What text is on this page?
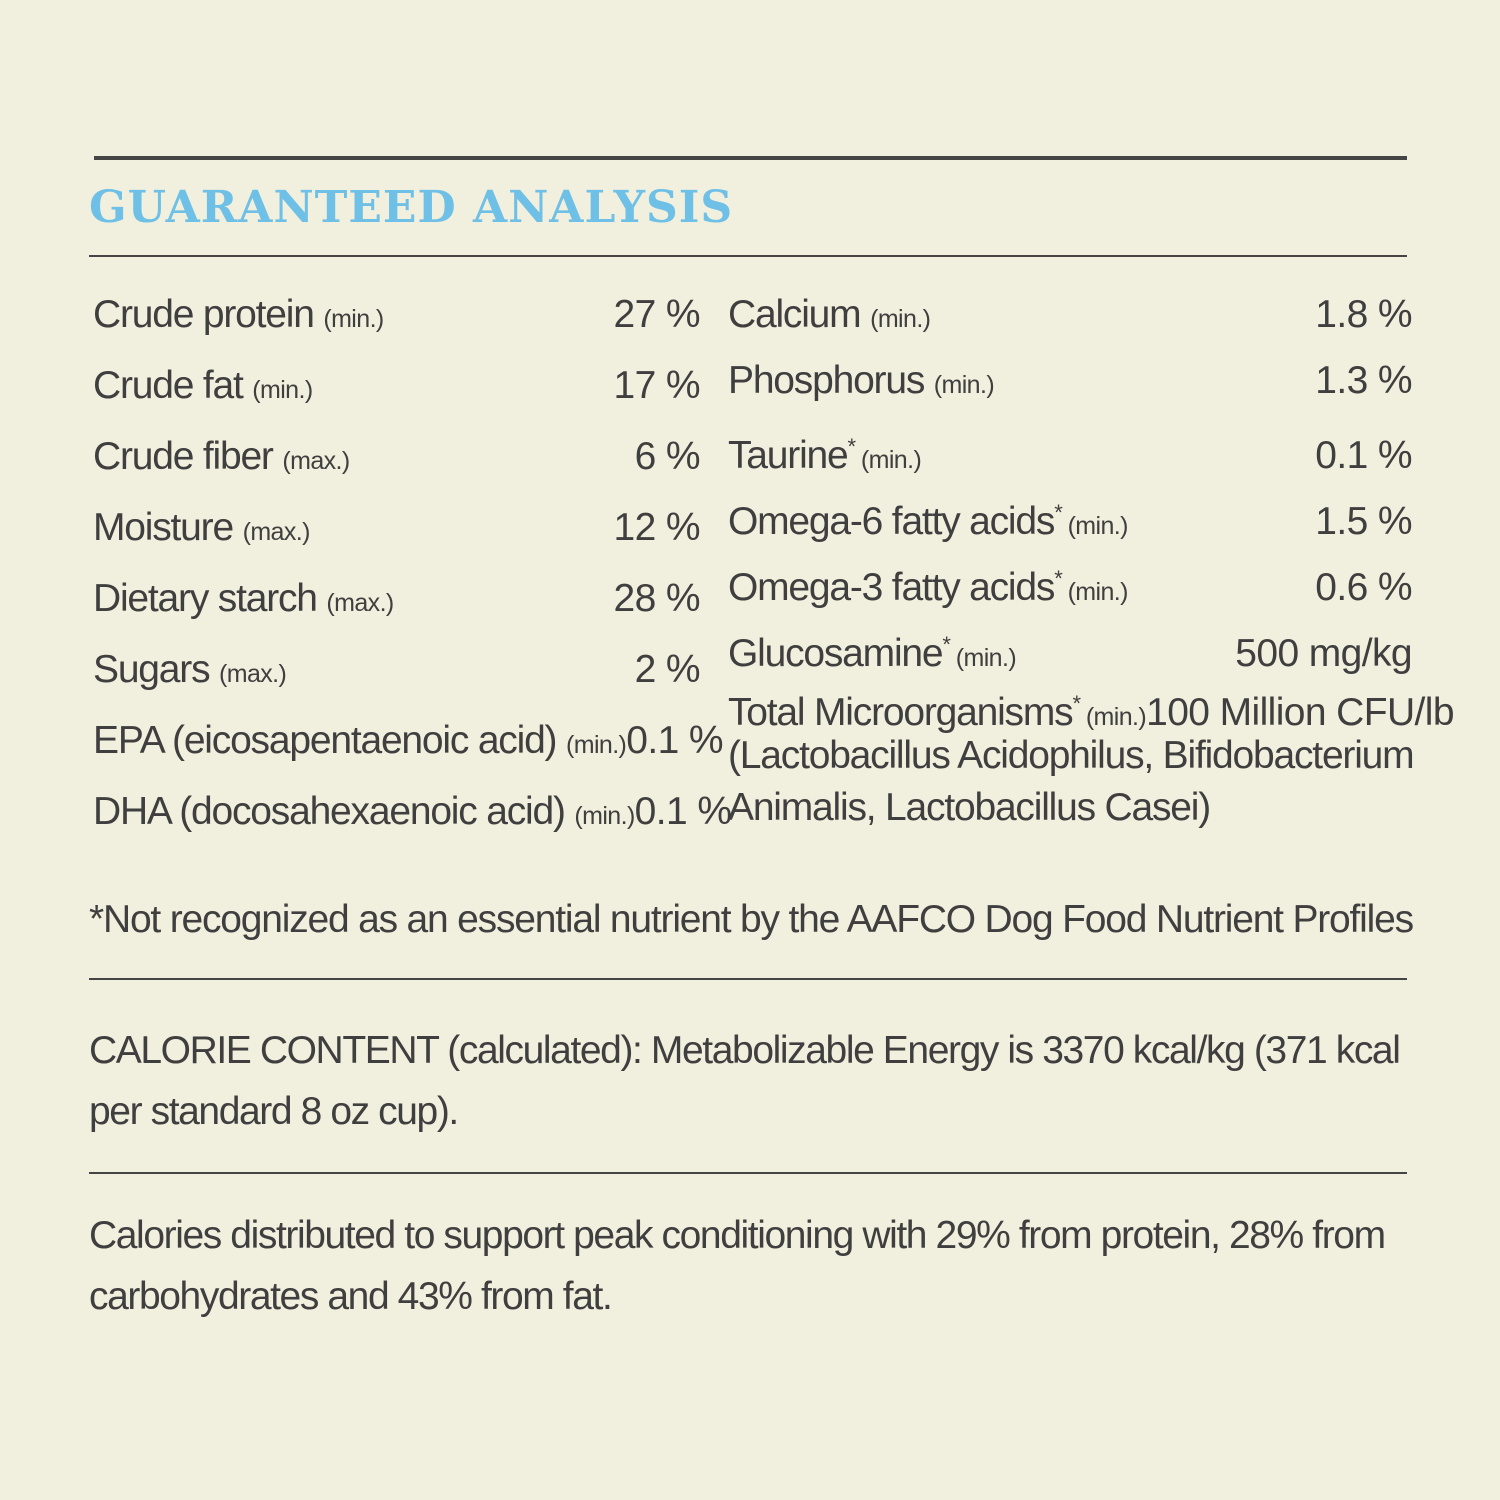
GUARANTEED ANALYSIS
Crude protein (min.)	27 %
Crude fat (min.)	17 %
Crude fiber (max.)	6 %
Moisture (max.)	12 %
Dietary starch (max.)	28 %
Sugars (max.)	2 %
EPA (eicosapentaenoic acid) (min.) 0.1 %
DHA (docosahexaenoic acid) (min.) 0.1 %
Calcium (min.)	1.8 %
Phosphorus (min.)	1.3 %
Taurine* (min.)	0.1 %
Omega-6 fatty acids* (min.)	1.5 %
Omega-3 fatty acids* (min.)	0.6 %
Glucosamine* (min.)	500 mg/kg
Total Microorganisms* (min.) 100 Million CFU/lb
(Lactobacillus Acidophilus, Bifidobacterium
Animalis, Lactobacillus Casei)
*Not recognized as an essential nutrient by the AAFCO Dog Food Nutrient Profiles
CALORIE CONTENT (calculated): Metabolizable Energy is 3370 kcal/kg (371 kcal per standard 8 oz cup).
Calories distributed to support peak conditioning with 29% from protein, 28% from carbohydrates and 43% from fat.
